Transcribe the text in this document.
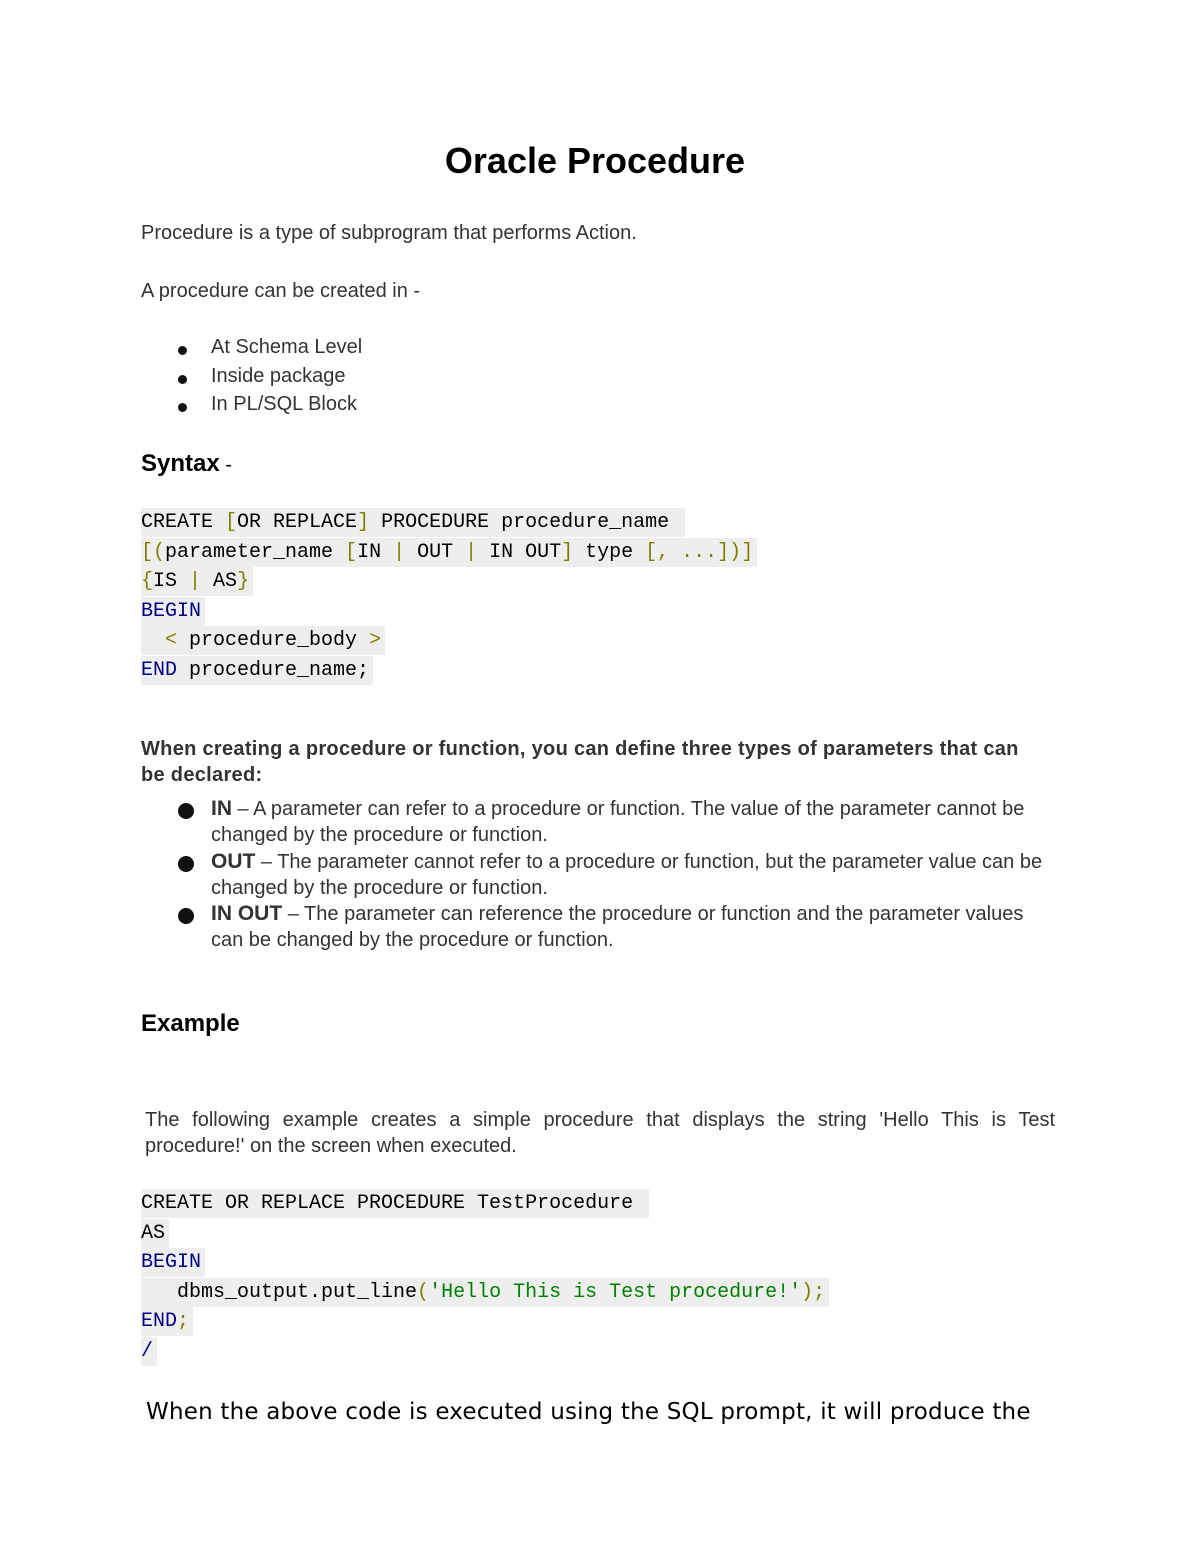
Oracle Procedure

Procedure is a type of subprogram that performs Action.

A procedure can be created in -

At Schema Level
Inside package
In PL/SQL Block
Syntax -
CREATE [OR REPLACE] PROCEDURE procedure_name
[(parameter_name [IN | OUT | IN OUT] type [, ...])]
{IS | AS}
BEGIN
< procedure_body >
END procedure_name;

When creating a procedure or function, you can define three types of parameters that can be declared:

IN – A parameter can refer to a procedure or function. The value of the parameter cannot be changed by the procedure or function.
OUT – The parameter cannot refer to a procedure or function, but the parameter value can be changed by the procedure or function.
IN OUT – The parameter can reference the procedure or function and the parameter values can be changed by the procedure or function.
Example

The following example creates a simple procedure that displays the string 'Hello This is Test procedure!' on the screen when executed.

CREATE OR REPLACE PROCEDURE TestProcedure
AS
BEGIN
dbms_output.put_line('Hello This is Test procedure!');
END;
/

When the above code is executed using the SQL prompt, it will produce the
